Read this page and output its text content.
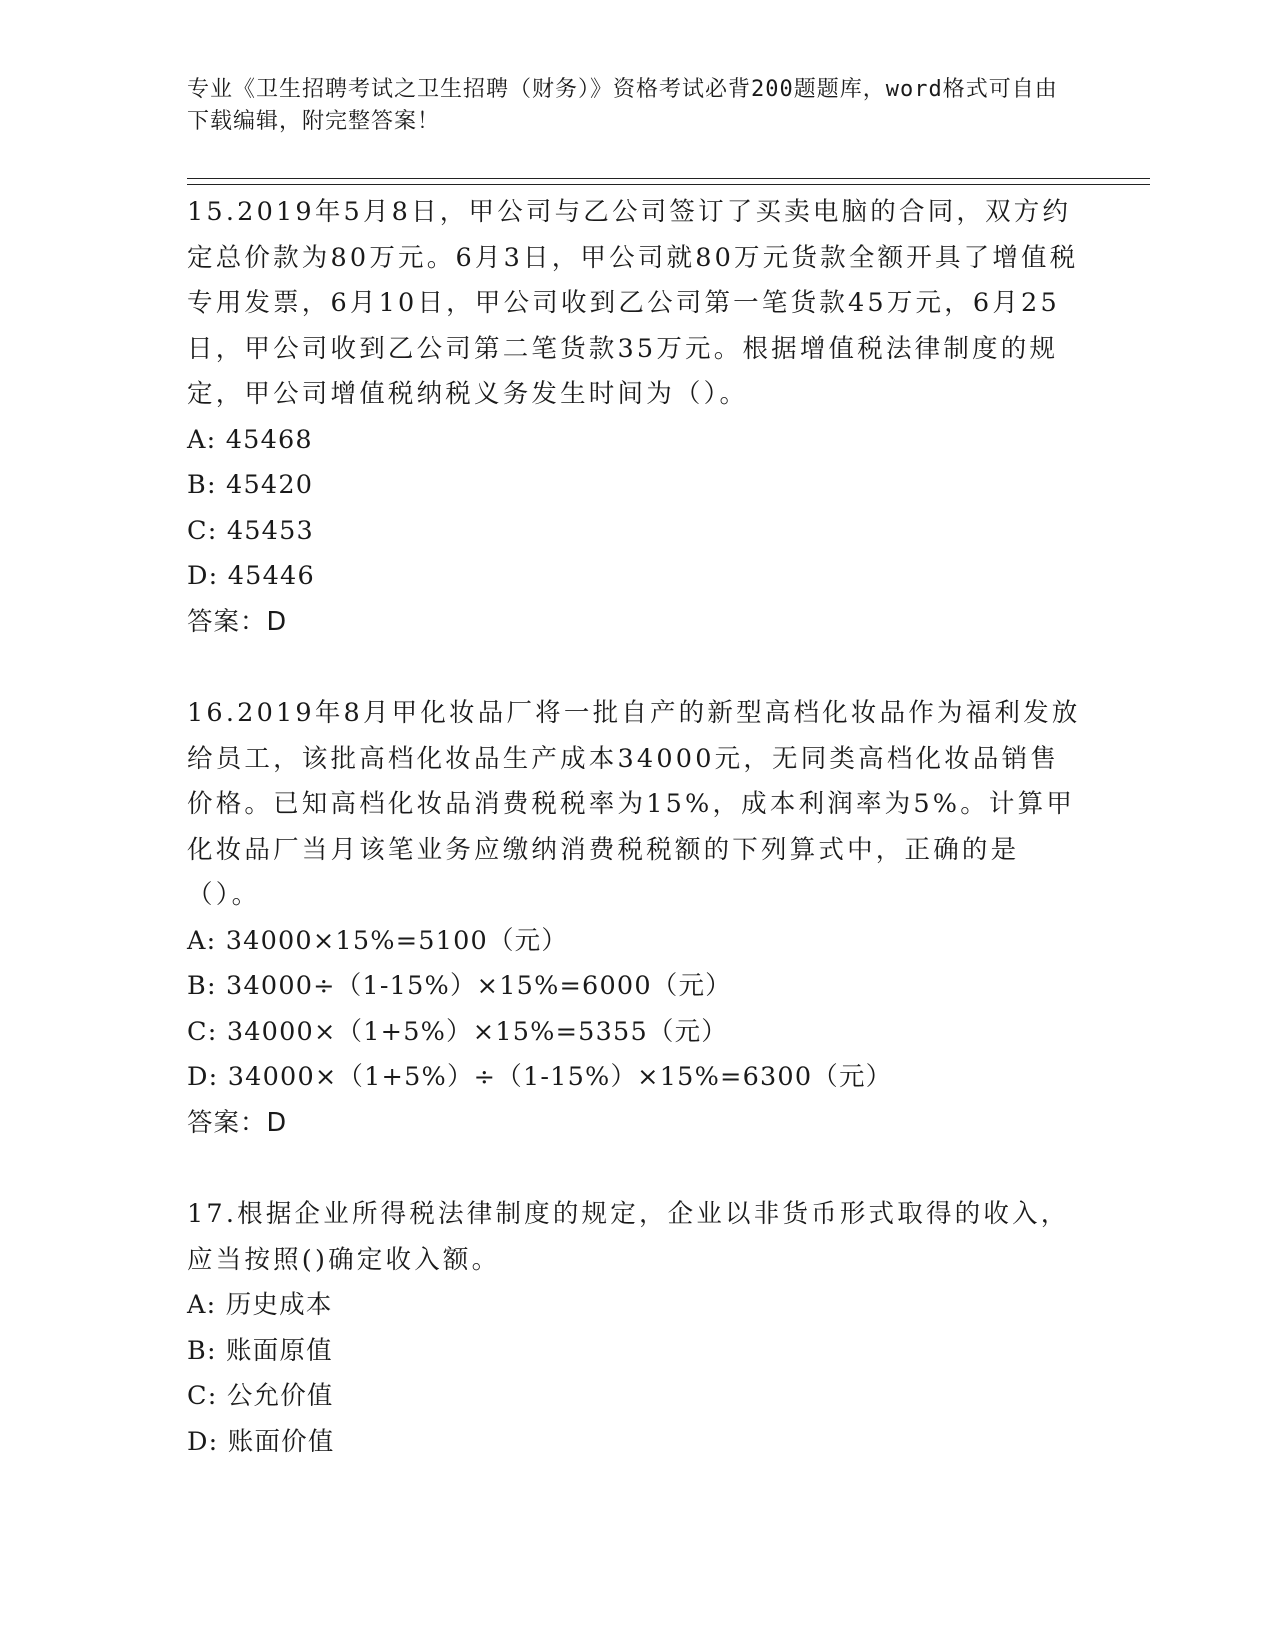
专业《卫生招聘考试之卫生招聘（财务）》资格考试必背200题题库，word格式可自由下载编辑，附完整答案！

15.2019年5月8日，甲公司与乙公司签订了买卖电脑的合同，双方约定总价款为80万元。6月3日，甲公司就80万元货款全额开具了增值税专用发票，6月10日，甲公司收到乙公司第一笔货款45万元，6月25日，甲公司收到乙公司第二笔货款35万元。根据增值税法律制度的规定，甲公司增值税纳税义务发生时间为（）。

A: 45468

B: 45420

C: 45453

D: 45446

答案：D

16.2019年8月甲化妆品厂将一批自产的新型高档化妆品作为福利发放给员工，该批高档化妆品生产成本34000元，无同类高档化妆品销售价格。已知高档化妆品消费税税率为15%，成本利润率为5%。计算甲化妆品厂当月该笔业务应缴纳消费税税额的下列算式中，正确的是（）。

A: 34000×15%=5100（元）

B: 34000÷（1-15%）×15%=6000（元）

C: 34000×（1+5%）×15%=5355（元）

D: 34000×（1+5%）÷（1-15%）×15%=6300（元）

答案：D

17.根据企业所得税法律制度的规定，企业以非货币形式取得的收入，应当按照()确定收入额。

A: 历史成本

B: 账面原值

C: 公允价值

D: 账面价值
